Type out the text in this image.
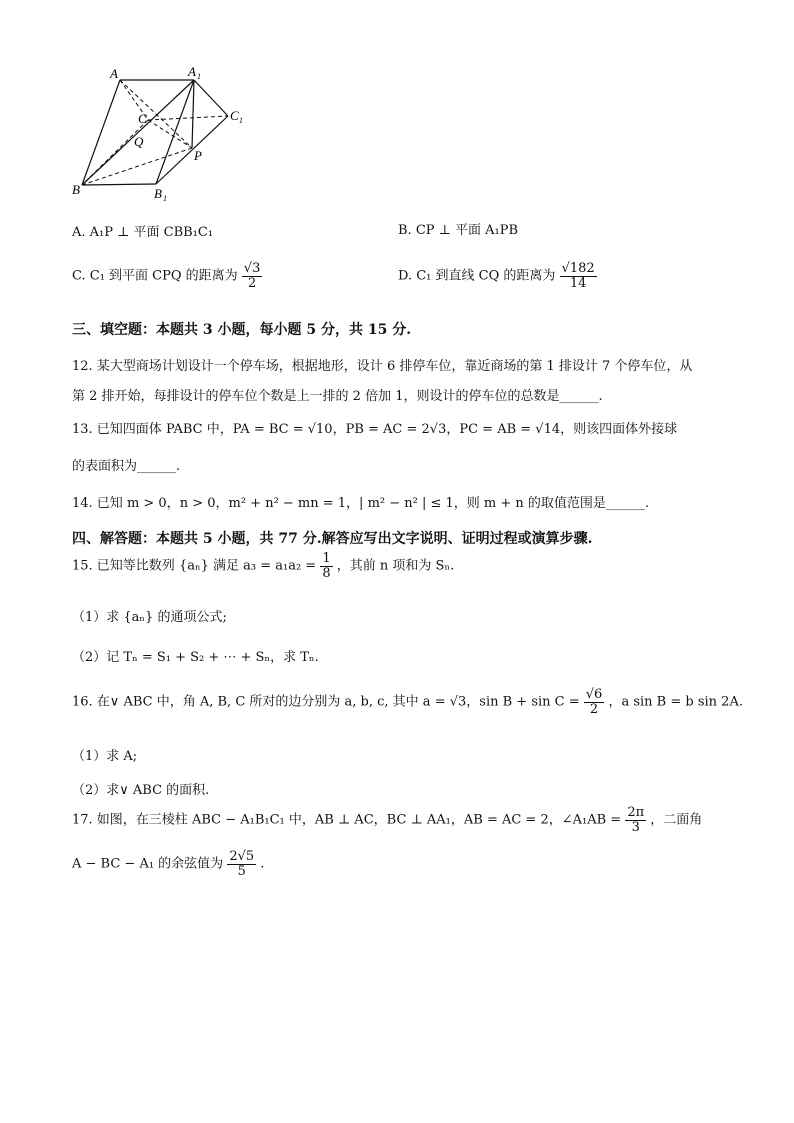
A	A 1
C	C 1
Q
P
B	B 1
A. A₁P ⊥ 平面 CBB₁C₁	B. CP ⊥ 平面 A₁PB
C. C₁ 到平面 CPQ 的距离为 $\frac{√3}{2}$	D. C₁ 到直线 CQ 的距离为 $\frac{√182}{14}$
三、填空题：本题共 3 小题，每小题 5 分，共 15 分.
12. 某大型商场计划设计一个停车场，根据地形，设计 6 排停车位，靠近商场的第 1 排设计 7 个停车位，从
第 2 排开始，每排设计的停车位个数是上一排的 2 倍加 1，则设计的停车位的总数是______.
13. 已知四面体 PABC 中，PA = BC = √10，PB = AC = 2√3，PC = AB = √14，则该四面体外接球
的表面积为______.
14. 已知 m > 0，n > 0，m² + n² − mn = 1，| m² − n² | ≤ 1，则 m + n 的取值范围是______.
四、解答题：本题共 5 小题，共 77 分.解答应写出文字说明、证明过程或演算步骤.
15. 已知等比数列 {aₙ} 满足 $a_3 = a_1a_2 = \frac{1}{8}$ ，其前 n 项和为 Sₙ.
（1）求 {aₙ} 的通项公式;
（2）记 Tₙ = S₁ + S₂ + ⋯ + Sₙ，求 Tₙ.
16. 在∨ ABC 中，角 A, B, C 所对的边分别为 a, b, c, 其中 a = √3，$\sin B + \sin C = \frac{√6}{2}$ ，a sin B = b sin 2A.
（1）求 A;
（2）求∨ ABC 的面积.
17. 如图，在三棱柱 ABC − A₁B₁C₁ 中，AB ⊥ AC，BC ⊥ AA₁，AB = AC = 2，∠A₁AB = $\frac{2\pi}{3}$ ，二面角
A − BC − A₁ 的余弦值为 $\frac{2√5}{5}$ .
